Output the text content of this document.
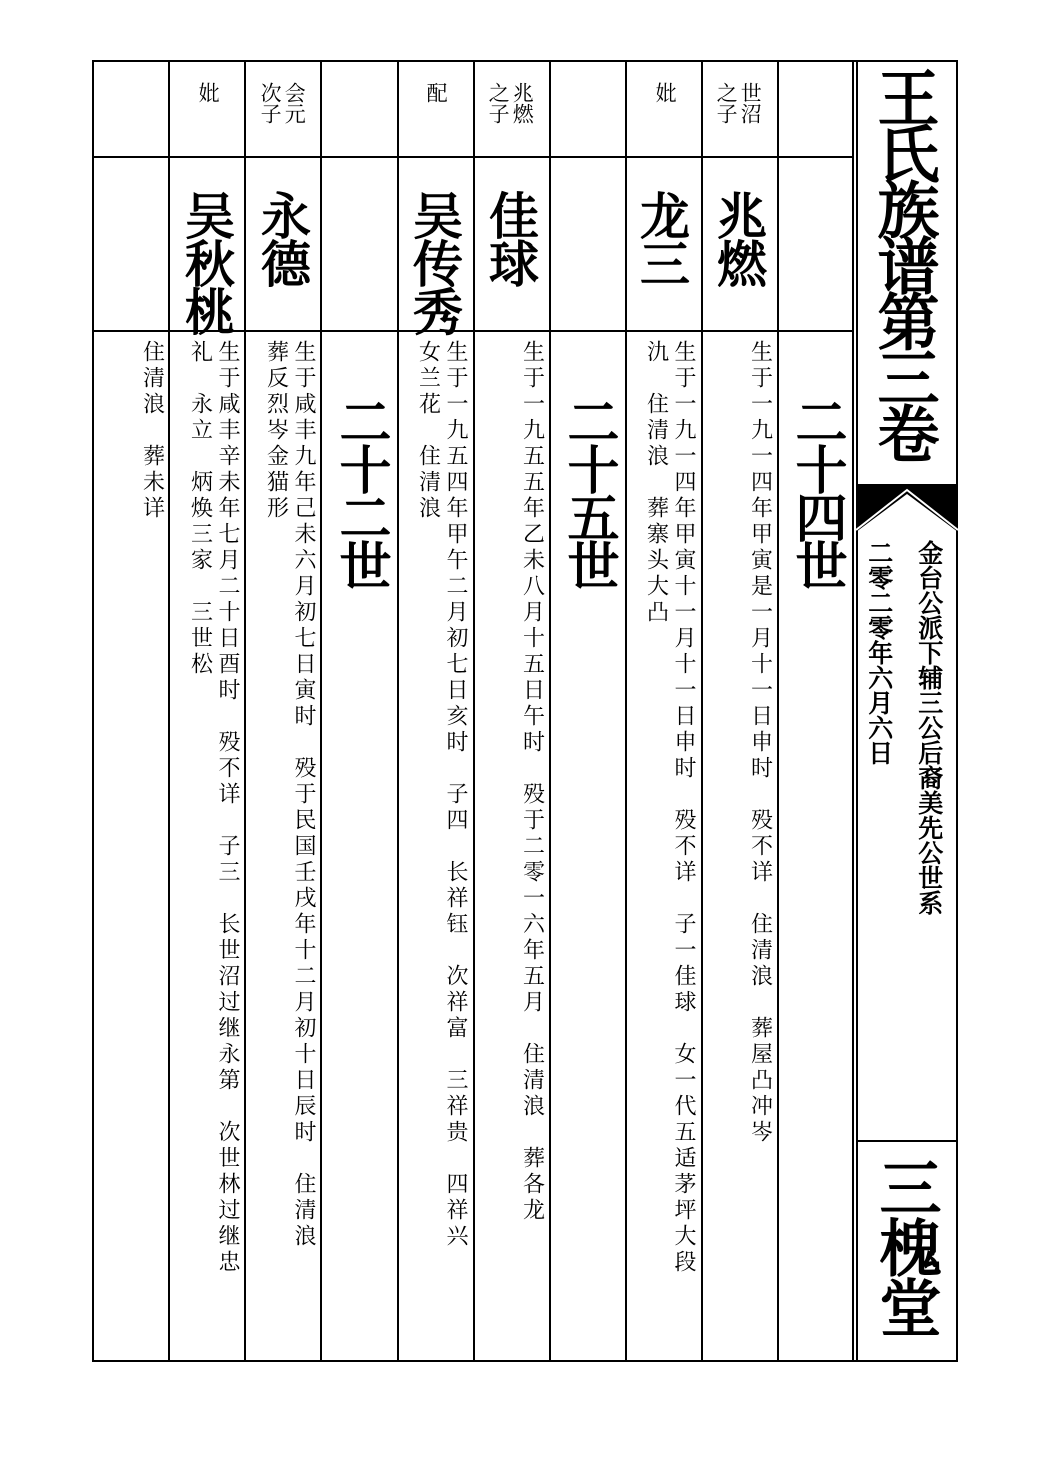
王氏族谱第三卷
金台公派下辅三公后裔美先公世系
二零二零年六月六日
三槐堂
世沼
之子
兆燃
二十四世
生于一九一四年甲寅是一月十一日申时　殁不详　住清浪　葬屋凸冲岑
妣
龙三
生于一九一四年甲寅十一月十一日申时　殁不详　子一佳球　女一代五适茅坪大段
氿　住清浪　葬寨头大凸
二十五世
兆燃
之子
佳球
生于一九五五年乙未八月十五日午时　殁于二零一六年五月　住清浪　葬各龙
配
吴传秀
生于一九五四年甲午二月初七日亥时　子四　长祥钰　次祥富　三祥贵　四祥兴
女兰花　住清浪
二十二世
会元
次子
永德
生于咸丰九年己未六月初七日寅时　殁于民国壬戌年十二月初十日辰时　住清浪
葬反烈岑金猫形
妣
吴秋桃
生于咸丰辛未年七月二十日酉时　殁不详　子三　长世沼过继永第　次世林过继忠
礼　永立　炳焕三家　三世松
住清浪　葬未详
